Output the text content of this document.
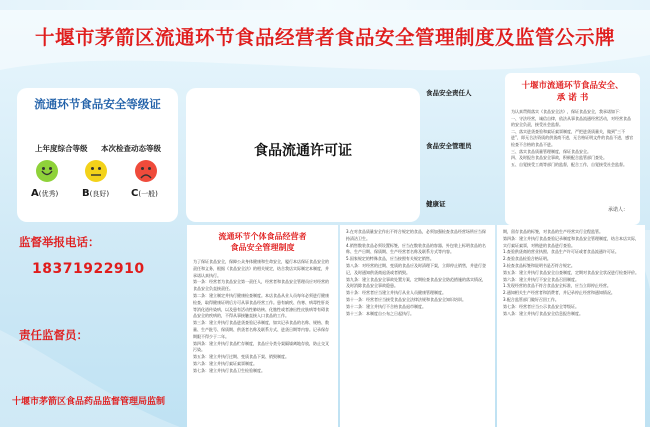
十堰市茅箭区流通环节食品经营者食品安全管理制度及监管公示牌
流通环节食品安全等级证
上年度综合等级 本次检查动态等级
A(优秀) B(良好) C(一般)
食品流通许可证
食品安全责任人
食品安全管理员
健康证
十堰市流通环节食品安全、
承 诺 书
为认真贯彻落实《食品安全法》，保证食品安全，我承诺如下：
一、守法经营，诚信自律，依法从事食品流通经营活动，对经营食品的安全负责，接受社会监督。
二、落实进货查验和索证索票制度，严把进货质量关，做到“三不进”，即无合法资质的供货商不进，无合格证明文件的食品不进，感官检查不合格的食品不进。
三、落实食品质量管理制度，保证食品安全。
四、及时报告食品安全事故，积极配合监管部门查处。
五、自觉接受工商等部门的监督，配合工作，自觉接受社会监督。
承诺人：
监督举报电话：
18371922910
责任监督员：
十堰市茅箭区食品药品监督管理局监制
流通环节个体食品经营者
食品安全管理制度
为了保证食品安全，保障公众身体健康和生命安全，履行本店保证食品安全的责任和义务，根据《食品安全法》的相关规定，结合我店实际制定本制度，并承诺认真执行。
第一条：经营者为食品安全第一责任人，经营者和食品安全管理员应对经营的食品安全负直接责任。
第二条：建立制定并执行健康检查制度。本店食品从业人员每年必须进行健康检查，取得健康证明后方可从事食品经营工作。患有痢疾、伤寒、病毒性肝炎等消化道传染病，以及患有活动性肺结核、化脓性或者渗出性皮肤病等有碍食品安全的疾病的，不得从事接触直接入口食品的工作。
第三条：建立并执行食品进货查验记录制度，如实记录食品的名称、规格、数量、生产批号、保质期、供货者名称及联系方式、进货日期等内容。记录保存期限不得少于二年。
第四条：建立并执行食品贮存制度，食品应分类分架隔墙离地存放，防止交叉污染。
第五条：建立并执行过期、变质食品下架、销毁制度。
第六条：建立并执行索证索票制度。
第七条：建立并执行食品卫生检验制度。
3.在对食品质量安全作出不符合规定的食品，必须加强检查食品经营场所应当保持清洁卫生。
4.销售散装食品必须设置标签，应当在散装食品的容器、外包装上标明食品的名称、生产日期、保质期、生产经营者名称及联系方式等内容。
5.国家规定的特殊食品，应当按照有关规定销售。
第八条：对经营的过期、变质的食品应及时清理下架，立即停止销售，并进行登记，及时通知供货商退货或者销毁。
第九条：建立食品安全事故处置方案，定期检查食品安全防范措施的落实情况，及时消除食品安全事故隐患。
第十条：经营者应当建立并执行从业人员健康管理制度。
第十一条：经营者应当接受食品安全法律法规和食品安全知识培训。
第十二条：建立并执行不合格食品退市制度。
第十三条：本制度自公布之日起执行。
期，留存食品的标签，对食品的生产经营实行全程监管。
第四条：建立并执行食品查验记录制度和食品安全管理制度，结合本店实际，实行索证索票，对购进的食品进行查验。
1.查验供货商的营业执照、食品生产许可证或者食品流通许可证。
2.查验食品检验合格证明。
3.检查食品标签和说明书是否符合规定。
第五条：建立并执行食品安全自查制度，定期对食品安全状况进行检查评价。
第六条：建立并执行不安全食品召回制度。
1.发现经营的食品不符合食品安全标准，应当立即停止经营。
2.通知相关生产经营者和消费者，并记录停止经营和通知情况。
3.配合监管部门做好召回工作。
第七条：经营者应当公示食品安全等级证。
第八条：建立并执行食品安全信息报告制度。
